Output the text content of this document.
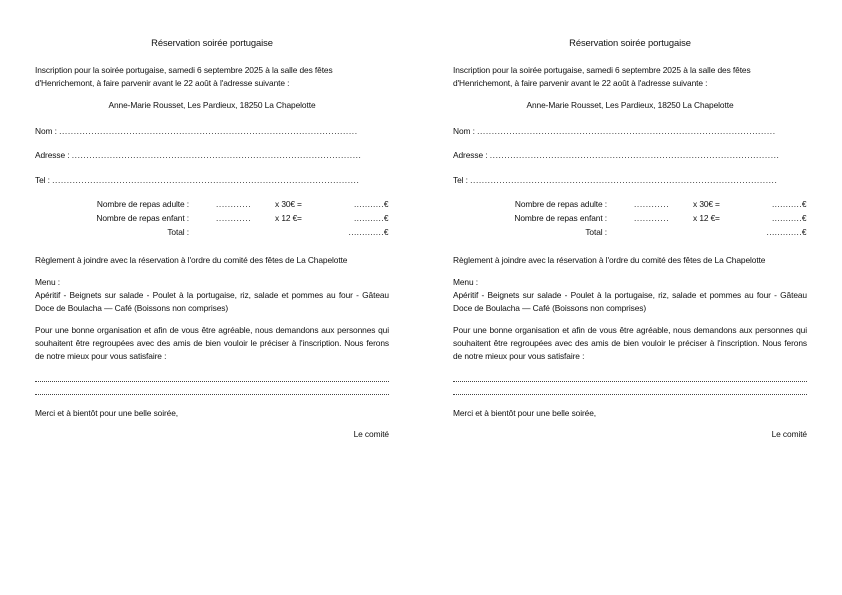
Réservation soirée portugaise

Inscription pour la soirée portugaise, samedi 6 septembre 2025 à la salle des fêtes d'Henrichemont, à faire parvenir avant le 22 août à l'adresse suivante :

Anne-Marie Rousset, Les Pardieux, 18250 La Chapelotte
Nom :
......................................................................................................
Adresse :
...................................................................................................
Tel :
.........................................................................................................
Nombre de repas adulte :	............	x 30€ =	...........€
Nombre de repas enfant :	............	x 12 € =	...........€
Total :	.............€
Règlement à joindre avec la réservation à l'ordre du comité des fêtes de La Chapelotte

Menu :

Apéritif - Beignets sur salade - Poulet à la portugaise, riz, salade et pommes au four - Gâteau Doce de Boulacha — Café (Boissons non comprises)

Pour une bonne organisation et afin de vous être agréable, nous demandons aux personnes qui souhaitent être regroupées avec des amis de bien vouloir le préciser à l'inscription. Nous ferons de notre mieux pour vous satisfaire :

Merci et à bientôt pour une belle soirée,
Le comité
Réservation soirée portugaise

Inscription pour la soirée portugaise, samedi 6 septembre 2025 à la salle des fêtes d'Henrichemont, à faire parvenir avant le 22 août à l'adresse suivante :

Anne-Marie Rousset, Les Pardieux, 18250 La Chapelotte
Nom :
......................................................................................................
Adresse :
...................................................................................................
Tel :
.........................................................................................................
Nombre de repas adulte :	............	x 30€ =	...........€
Nombre de repas enfant :	............	x 12 € =	...........€
Total :	.............€
Règlement à joindre avec la réservation à l'ordre du comité des fêtes de La Chapelotte

Menu :

Apéritif - Beignets sur salade - Poulet à la portugaise, riz, salade et pommes au four - Gâteau Doce de Boulacha — Café (Boissons non comprises)

Pour une bonne organisation et afin de vous être agréable, nous demandons aux personnes qui souhaitent être regroupées avec des amis de bien vouloir le préciser à l'inscription. Nous ferons de notre mieux pour vous satisfaire :

Merci et à bientôt pour une belle soirée,
Le comité
